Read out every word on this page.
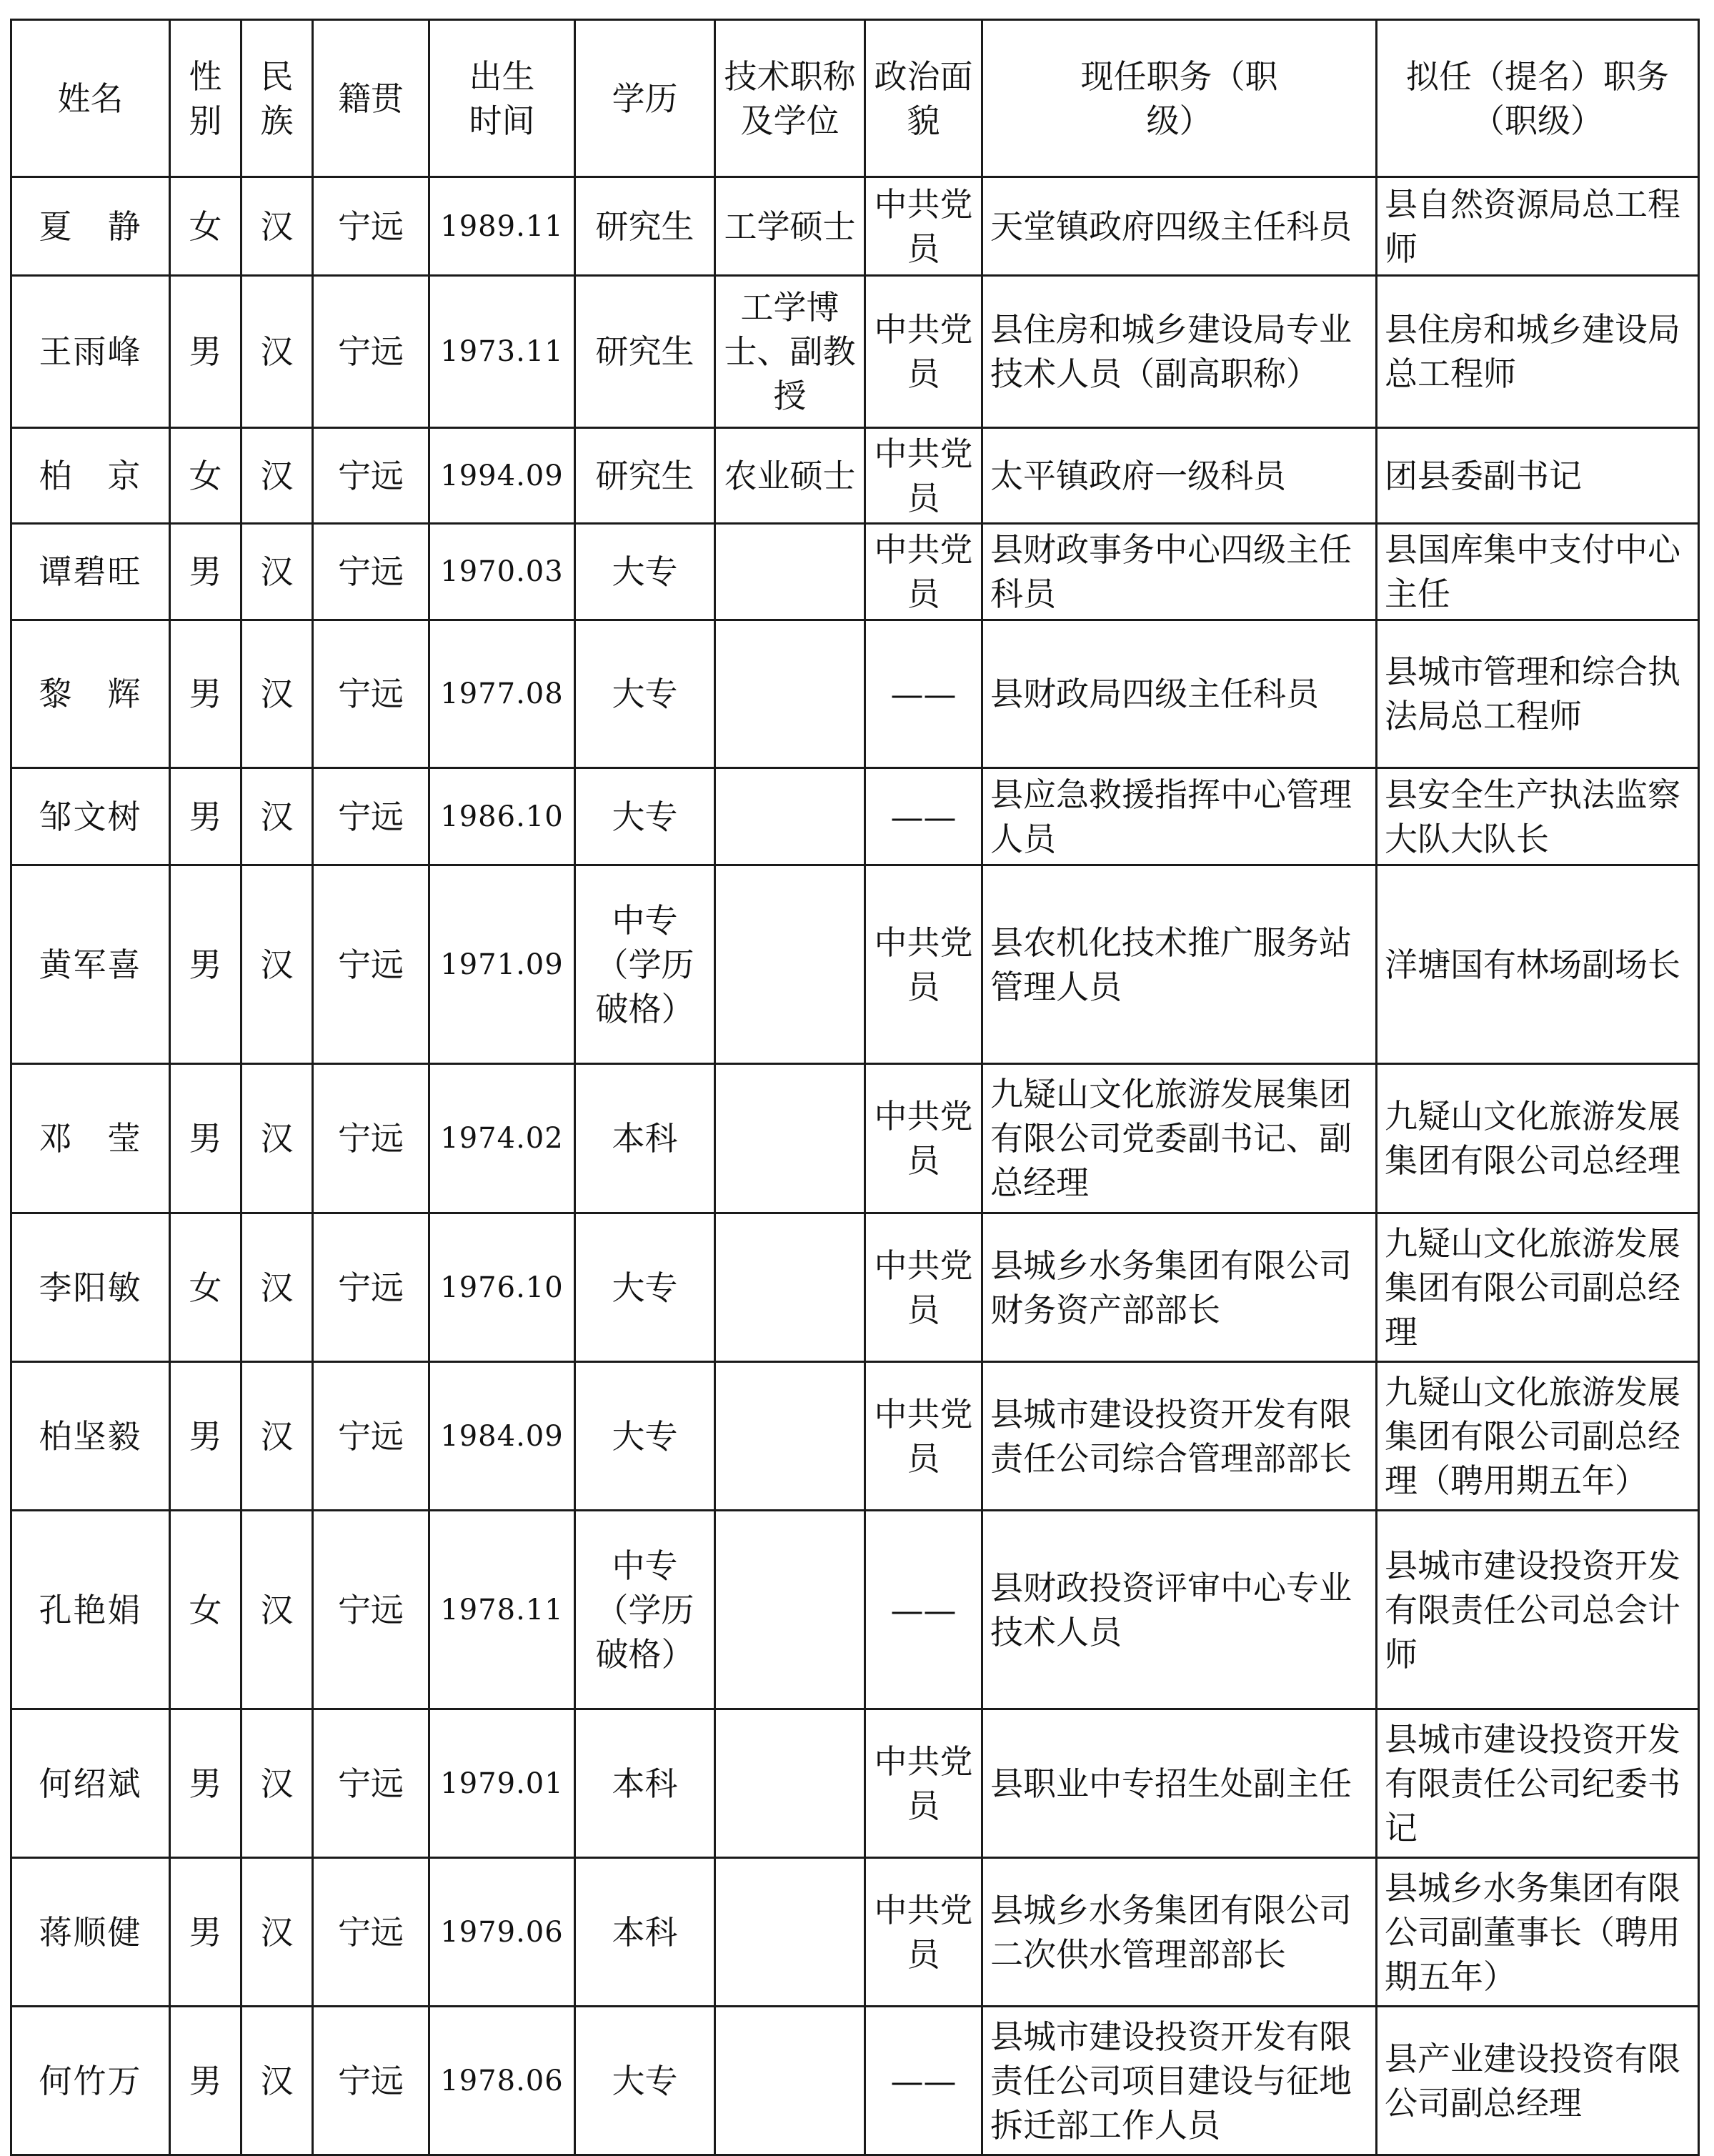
姓名	性别	民族	籍贯	出生时间	学历	技术职称及学位	政治面貌	现任职务（职级）	拟任（提名）职务（职级）
夏　静	女	汉	宁远	1989.11	研究生	工学硕士	中共党员	天堂镇政府四级主任科员	县自然资源局总工程师
王雨峰	男	汉	宁远	1973.11	研究生	工学博士、副教授	中共党员	县住房和城乡建设局专业技术人员（副高职称）	县住房和城乡建设局总工程师
柏　京	女	汉	宁远	1994.09	研究生	农业硕士	中共党员	太平镇政府一级科员	团县委副书记
谭碧旺	男	汉	宁远	1970.03	大专		中共党员	县财政事务中心四级主任科员	县国库集中支付中心主任
黎　辉	男	汉	宁远	1977.08	大专		——	县财政局四级主任科员	县城市管理和综合执法局总工程师
邹文树	男	汉	宁远	1986.10	大专		——	县应急救援指挥中心管理人员	县安全生产执法监察大队大队长
黄军喜	男	汉	宁远	1971.09	中专（学历破格）		中共党员	县农机化技术推广服务站管理人员	洋塘国有林场副场长
邓　莹	男	汉	宁远	1974.02	本科		中共党员	九疑山文化旅游发展集团有限公司党委副书记、副总经理	九疑山文化旅游发展集团有限公司总经理
李阳敏	女	汉	宁远	1976.10	大专		中共党员	县城乡水务集团有限公司财务资产部部长	九疑山文化旅游发展集团有限公司副总经理
柏坚毅	男	汉	宁远	1984.09	大专		中共党员	县城市建设投资开发有限责任公司综合管理部部长	九疑山文化旅游发展集团有限公司副总经理（聘用期五年）
孔艳娟	女	汉	宁远	1978.11	中专（学历破格）		——	县财政投资评审中心专业技术人员	县城市建设投资开发有限责任公司总会计师
何绍斌	男	汉	宁远	1979.01	本科		中共党员	县职业中专招生处副主任	县城市建设投资开发有限责任公司纪委书记
蒋顺健	男	汉	宁远	1979.06	本科		中共党员	县城乡水务集团有限公司二次供水管理部部长	县城乡水务集团有限公司副董事长（聘用期五年）
何竹万	男	汉	宁远	1978.06	大专		——	县城市建设投资开发有限责任公司项目建设与征地拆迁部工作人员	县产业建设投资有限公司副总经理
